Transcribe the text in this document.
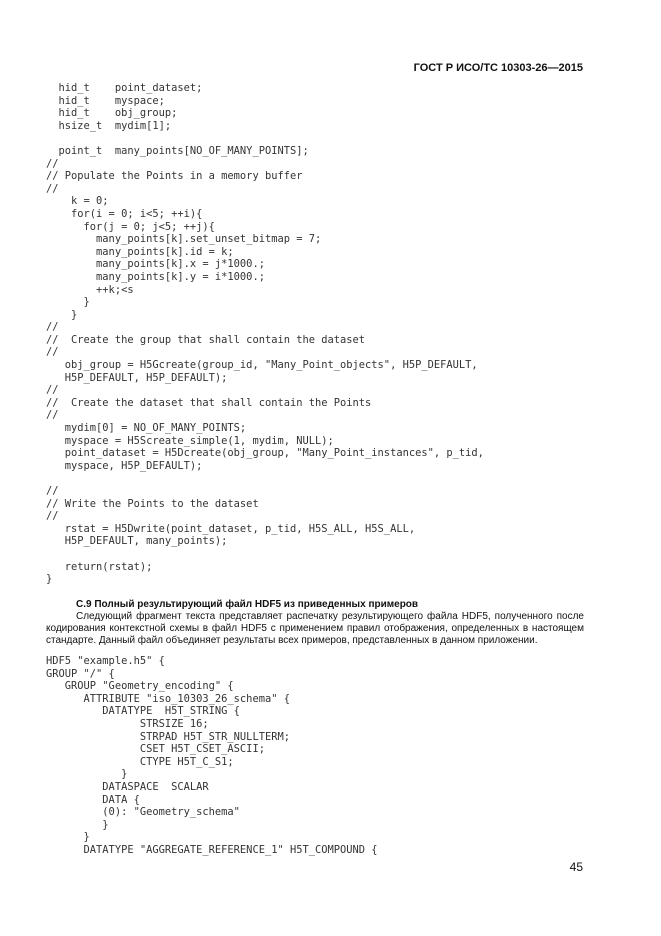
ГОСТ Р ИСО/ТС 10303-26—2015
hid_t    point_dataset;
hid_t    myspace;
hid_t    obj_group;
hsize_t  mydim[1];

point_t  many_points[NO_OF_MANY_POINTS];
//
// Populate the Points in a memory buffer
//
k = 0;
for(i = 0; i<5; ++i){
for(j = 0; j<5; ++j){
many_points[k].set_unset_bitmap = 7;
many_points[k].id = k;
many_points[k].x = j*1000.;
many_points[k].y = i*1000.;
++k;<s
}
}
//
//  Create the group that shall contain the dataset
//
obj_group = H5Gcreate(group_id, "Many_Point_objects", H5P_DEFAULT,
H5P_DEFAULT, H5P_DEFAULT);
//
//  Create the dataset that shall contain the Points
//
mydim[0] = NO_OF_MANY_POINTS;
myspace = H5Screate_simple(1, mydim, NULL);
point_dataset = H5Dcreate(obj_group, "Many_Point_instances", p_tid,
myspace, H5P_DEFAULT);

//
// Write the Points to the dataset
//
rstat = H5Dwrite(point_dataset, p_tid, H5S_ALL, H5S_ALL,
H5P_DEFAULT, many_points);

return(rstat);
}

С.9 Полный результирующий файл HDF5 из приведенных примеров

Следующий фрагмент текста представляет распечатку результирующего файла HDF5, полученного после кодирования контекстной схемы в файл HDF5 с применением правил отображения, определенных в настоящем стандарте. Данный файл объединяет результаты всех примеров, представленных в данном приложении.

HDF5 "example.h5" {
GROUP "/" {
GROUP "Geometry_encoding" {
ATTRIBUTE "iso_10303_26_schema" {
DATATYPE  H5T_STRING {
STRSIZE 16;
STRPAD H5T_STR_NULLTERM;
CSET H5T_CSET_ASCII;
CTYPE H5T_C_S1;
}
DATASPACE  SCALAR
DATA {
(0): "Geometry_schema"
}
}
DATATYPE "AGGREGATE_REFERENCE_1" H5T_COMPOUND {

45
